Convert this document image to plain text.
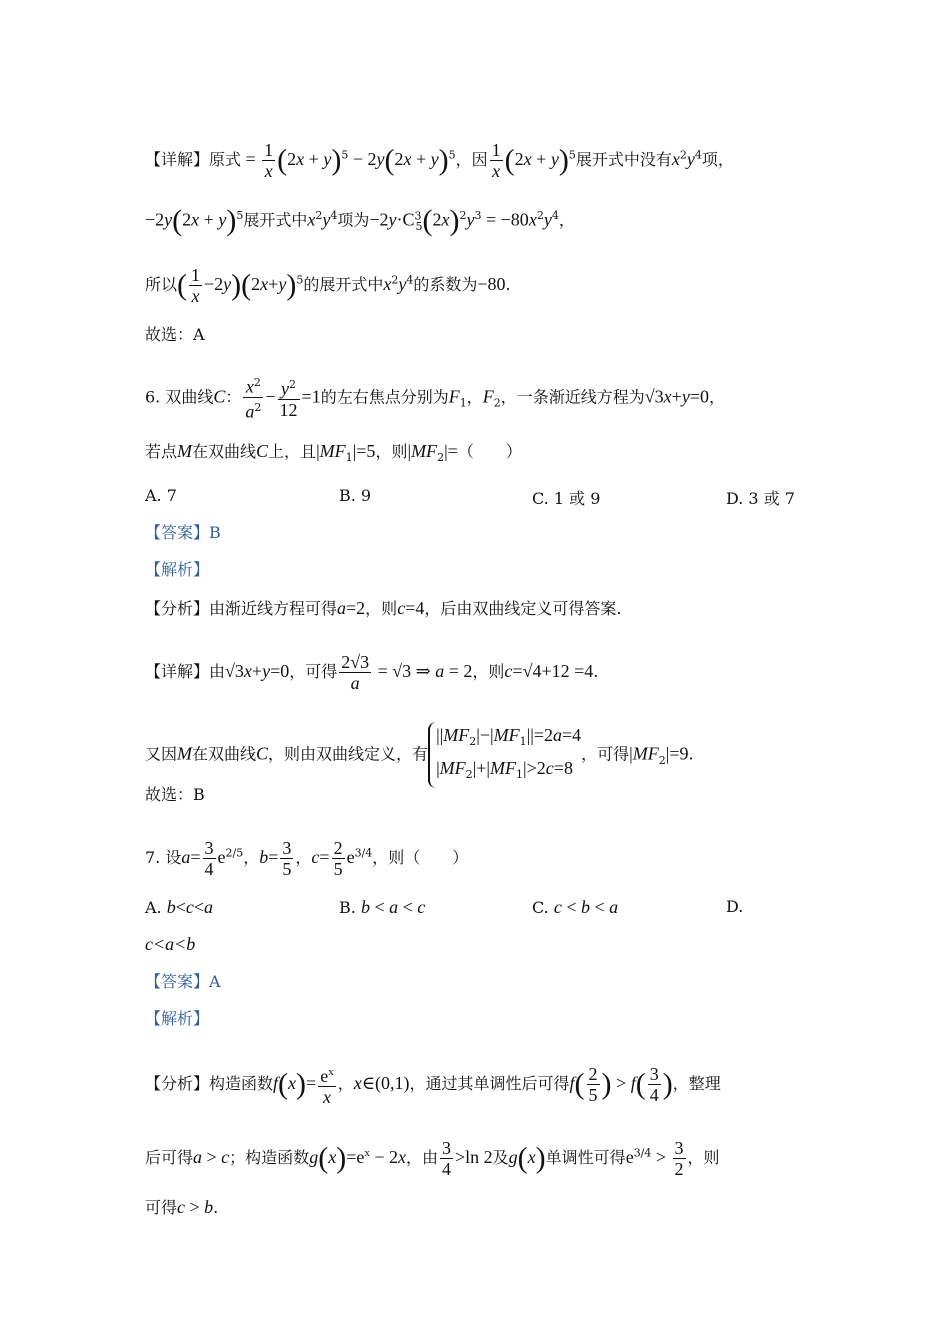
【详解】原式 = $\frac{1}{x} (2x + y)^5 - 2y(2x + y)^5$，因 $\frac{1}{x} (2x + y)^5$展开式中没有$x^2y^4$项，
$-2y(2x + y)^5$展开式中$x^2y^4$项为$-2y\cdot C^3_5(2x)^2y^3 = -80x^2y^4$，
所以( $\frac{1}{x} -2y)(2x+y)^5$的展开式中$x^2y^4$的系数为−80.
故选：A
6. 双曲线C： $\frac{x^2}{a^2} - \frac{y^2}{12} =1$的左右焦点分别为$F_1$，$F_2$，一条渐近线方程为√3x+y=0，
若点M在双曲线C上，且$|MF_1|=5$，则$|MF_2|=$（　　）
A. 7	B. 9	C. 1 或 9	D. 3 或 7
【答案】B
【解析】
【分析】由渐近线方程可得a=2，则c=4，后由双曲线定义可得答案.
【详解】由√3x+y=0，可得 $\frac{2√3}{a} = √3$ ⇒ a = 2，则c=√4+12 =4.
又因M在双曲线C，则由双曲线定义，有
$||MF_2|-|MF_1||=2a=4$
$|MF_2|+|MF_1|>2c=8$
，可得$|MF_2|=9$.
故选：B
7. 设$a= \frac{3}{4} e^{2/5}$，$b= \frac{3}{5}$ ，$c= \frac{2}{5} e^{3/4}$，则（　　）
A. b<c<a	B. b < a < c	C. c < b < a	D.
c<a<b
【答案】A
【解析】
【分析】构造函数$f(x)= \frac{e^x}{x}$ ，x∈(0,1)，通过其单调性后可得$f( \frac{2}{5}$ ) > $f( \frac{3}{4}$ )，整理
后可得a > c；构造函数$g(x)=e^x - 2x$，由 $\frac{3}{4} >\ln$ 2及g(x)单调性可得$e^{3/4} > \frac{3}{2}$ ，则
可得c > b.
